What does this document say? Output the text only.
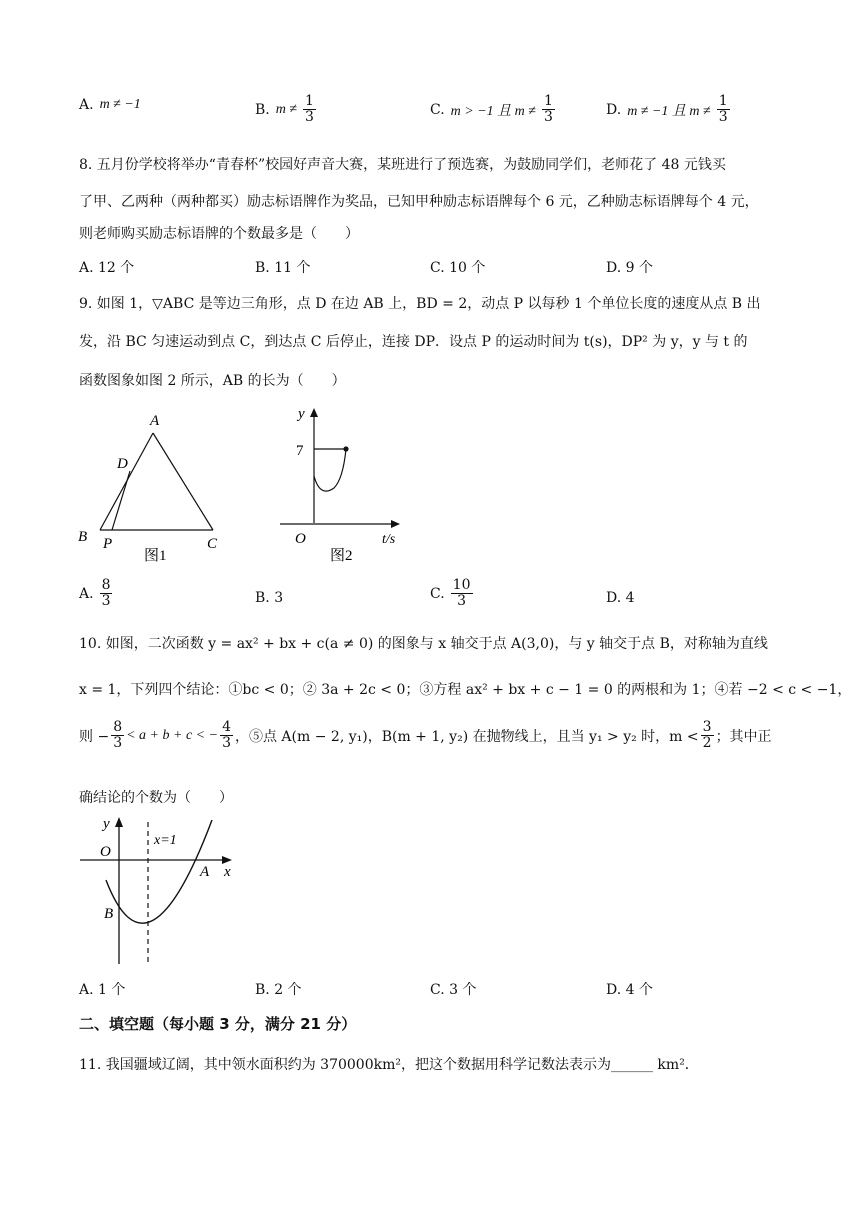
A. m ≠ −1	B. $m \ne \frac{1}{3}$	C. m > −1 且 $m \ne \frac{1}{3}$	D. m ≠ −1 且 $m \ne \frac{1}{3}$
8. 五月份学校将举办“青春杯”校园好声音大赛，某班进行了预选赛，为鼓励同学们，老师花了 48 元钱买
了甲、乙两种（两种都买）励志标语牌作为奖品，已知甲种励志标语牌每个 6 元，乙种励志标语牌每个 4 元，
则老师购买励志标语牌的个数最多是（　　）
A. 12 个	B. 11 个	C. 10 个	D. 9 个
9. 如图 1，▽ABC 是等边三角形，点 D 在边 AB 上，BD = 2，动点 P 以每秒 1 个单位长度的速度从点 B 出
发，沿 BC 匀速运动到点 C，到达点 C 后停止，连接 DP．设点 P 的运动时间为 t(s)，DP² 为 y，y 与 t 的
函数图象如图 2 所示，AB 的长为（　　）
A
D
B P	C
图1
y
7
O	t/s
图2
A. $\frac{8}{3}$	B. 3	C. $\frac{10}{3}$	D. 4
10. 如图，二次函数 y = ax² + bx + c(a ≠ 0) 的图象与 x 轴交于点 A(3,0)，与 y 轴交于点 B，对称轴为直线
x = 1，下列四个结论：①bc < 0；② 3a + 2c < 0；③方程 ax² + bx + c − 1 = 0 的两根和为 1；④若 −2 < c < −1，
则 − $\frac{8}{3} < a + b + c$ < − $\frac{4}{3}$ ，⑤点 A(m − 2, y₁)，B(m + 1, y₂) 在抛物线上，且当 y₁ > y₂ 时，$m < \frac{3}{2}$ ；其中正
确结论的个数为（　　）
y
O
x=1
A x
B
A. 1 个	B. 2 个	C. 3 个	D. 4 个
二、填空题（每小题 3 分，满分 21 分）
11. 我国疆域辽阔，其中领水面积约为 370000km²，把这个数据用科学记数法表示为______ km²．
